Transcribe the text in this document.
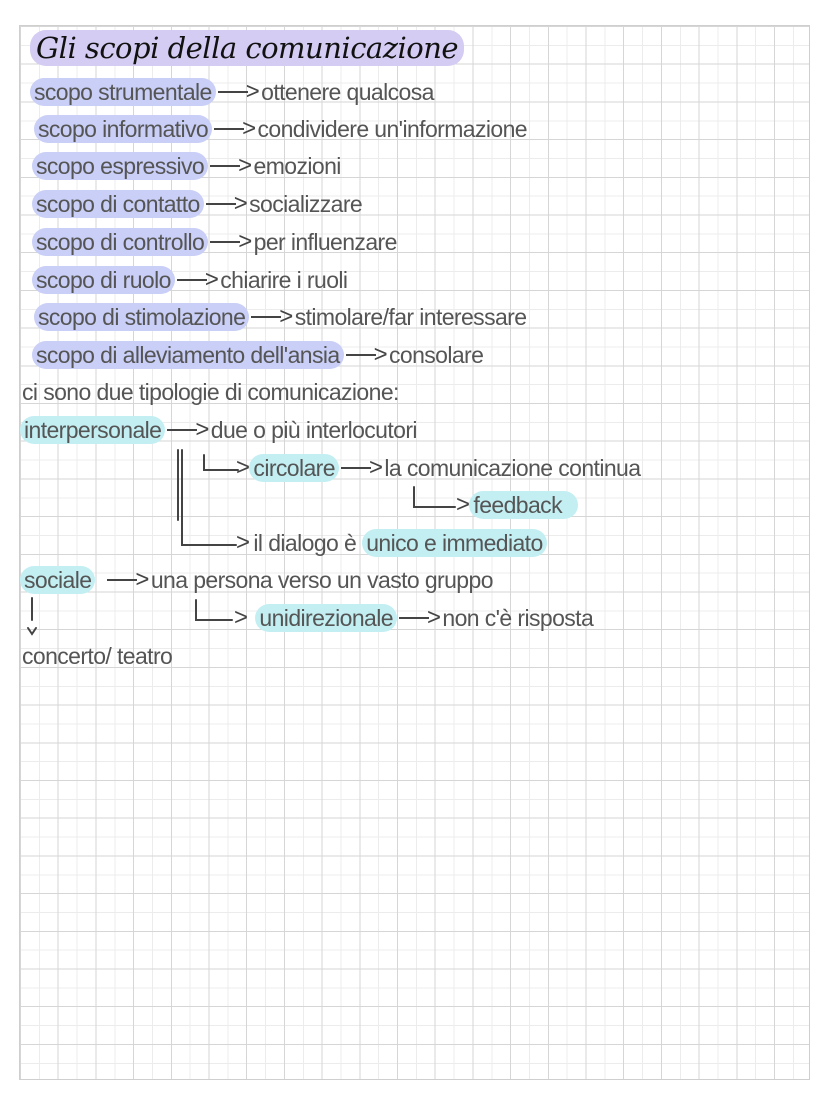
Gli scopi della comunicazione
scopo strumentale > ottenere qualcosa
scopo informativo > condividere un'informazione
scopo espressivo > emozioni
scopo di contatto > socializzare
scopo di controllo > per influenzare
scopo di ruolo > chiarire i ruoli
scopo di stimolazione > stimolare/far interessare
scopo di alleviamento dell'ansia > consolare
ci sono due tipologie di comunicazione:
interpersonale > due o più interlocutori
> circolare > la comunicazione continua
> feedback
> il dialogo è unico e immediato
sociale > una persona verso un vasto gruppo
> unidirezionale > non c'è risposta
concerto/ teatro
